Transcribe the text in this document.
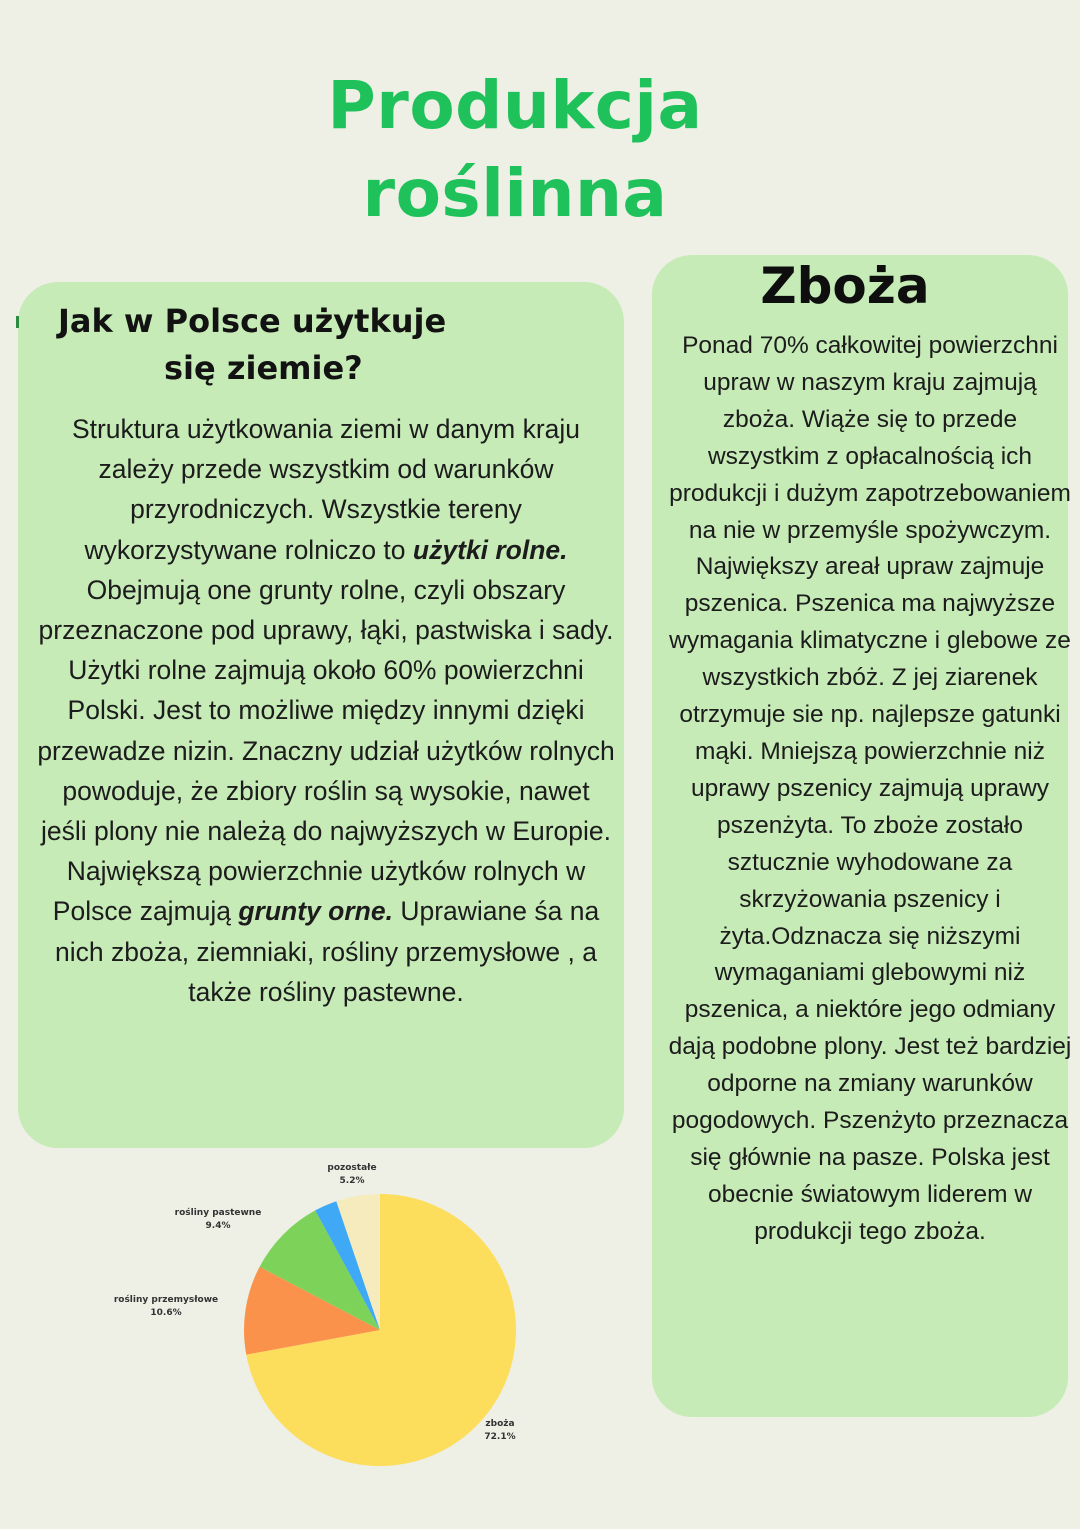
Produkcja
roślinna
Jak w Polsce użytkuje
się ziemie?
Struktura użytkowania ziemi w danym kraju zależy przede wszystkim od warunków przyrodniczych. Wszystkie tereny wykorzystywane rolniczo to użytki rolne. Obejmują one grunty rolne, czyli obszary przeznaczone pod uprawy, łąki, pastwiska i sady. Użytki rolne zajmują około 60% powierzchni Polski. Jest to możliwe między innymi dzięki przewadze nizin. Znaczny udział użytków rolnych powoduje, że zbiory roślin są wysokie, nawet jeśli plony nie należą do najwyższych w Europie. Największą powierzchnie użytków rolnych w Polsce zajmują grunty orne. Uprawiane śa na nich zboża, ziemniaki, rośliny przemysłowe , a także rośliny pastewne.
Zboża
Ponad 70% całkowitej powierzchni upraw w naszym kraju zajmują zboża. Wiąże się to przede wszystkim z opłacalnością ich produkcji i dużym zapotrzebowaniem na nie w przemyśle spożywczym. Największy areał upraw zajmuje pszenica. Pszenica ma najwyższe wymagania klimatyczne i glebowe ze wszystkich zbóż. Z jej ziarenek otrzymuje sie np. najlepsze gatunki mąki. Mniejszą powierzchnie niż uprawy pszenicy zajmują uprawy pszenżyta. To zboże zostało sztucznie wyhodowane za skrzyżowania pszenicy i żyta.Odznacza się niższymi wymaganiami glebowymi niż pszenica, a niektóre jego odmiany dają podobne plony. Jest też bardziej odporne na zmiany warunków pogodowych. Pszenżyto przeznacza się głównie na pasze. Polska jest obecnie światowym liderem w produkcji tego zboża.
zboża
72.1%
rośliny przemysłowe
10.6%
rośliny pastewne
9.4%
pozostałe
5.2%
